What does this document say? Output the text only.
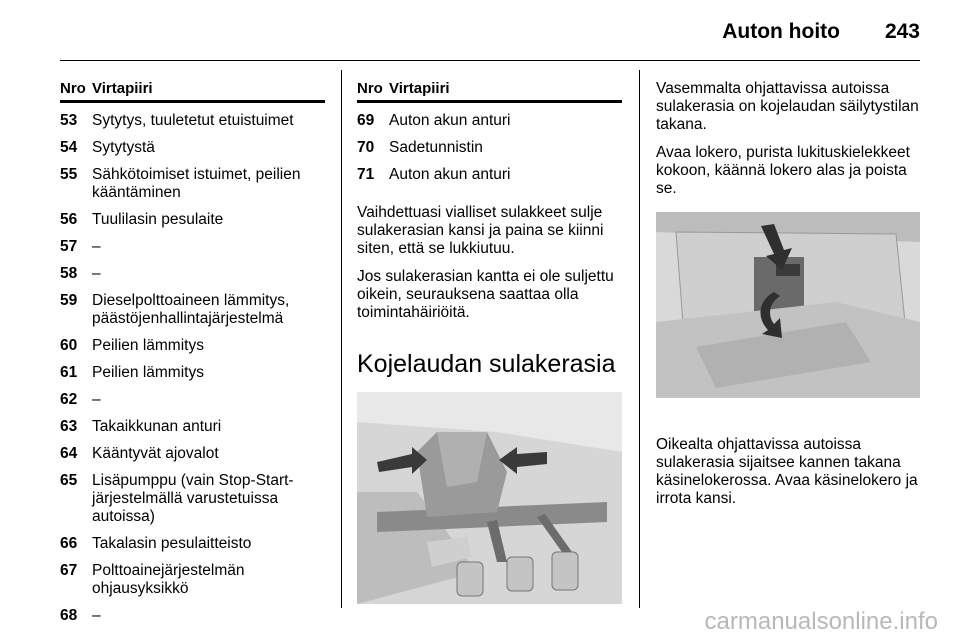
Auton hoito 243
Nro Virtapiiri
53 Sytytys, tuuletetut etuistuimet
54 Sytytystä
55 Sähkötoimiset istuimet, peilien kääntäminen
56 Tuulilasin pesulaite
57 –
58 –
59 Dieselpolttoaineen lämmitys, päästöjenhallintajärjestelmä
60 Peilien lämmitys
61 Peilien lämmitys
62 –
63 Takaikkunan anturi
64 Kääntyvät ajovalot
65 Lisäpumppu (vain Stop-Start-järjestelmällä varustetuissa autoissa)
66 Takalasin pesulaitteisto
67 Polttoainejärjestelmän ohjausyksikkö
68 –
Nro Virtapiiri
69 Auton akun anturi
70 Sadetunnistin
71 Auton akun anturi

Vaihdettuasi vialliset sulakkeet sulje sulakerasian kansi ja paina se kiinni siten, että se lukkiutuu.

Jos sulakerasian kantta ei ole suljettu oikein, seurauksena saattaa olla toimintahäiriöitä.

Kojelaudan sulakerasia

Vasemmalta ohjattavissa autoissa sulakerasia on kojelaudan säilytystilan takana.

Avaa lokero, purista lukituskielekkeet kokoon, käännä lokero alas ja poista se.

Oikealta ohjattavissa autoissa sulakerasia sijaitsee kannen takana käsinelokerossa. Avaa käsinelokero ja irrota kansi.

carmanualsonline.info
